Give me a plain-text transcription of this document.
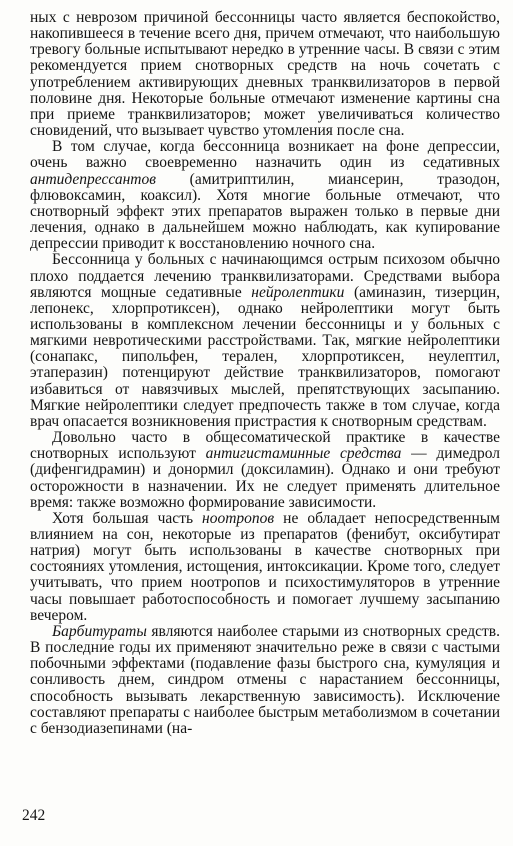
ных с неврозом причиной бессонницы часто является беспокойство, накопившееся в течение всего дня, причем отмечают, что наибольшую тревогу больные испытывают нередко в утренние часы. В связи с этим рекомендуется прием снотворных средств на ночь сочетать с употреблением активирующих дневных транквилизаторов в первой половине дня. Некоторые больные отмечают изменение картины сна при приеме транквилизаторов; может увеличиваться количество сновидений, что вызывает чувство утомления после сна.

В том случае, когда бессонница возникает на фоне депрессии, очень важно своевременно назначить один из седативных антидепрессантов (амитриптилин, миансерин, тразодон, флювоксамин, коаксил). Хотя многие больные отмечают, что снотворный эффект этих препаратов выражен только в первые дни лечения, однако в дальнейшем можно наблюдать, как купирование депрессии приводит к восстановлению ночного сна.

Бессонница у больных с начинающимся острым психозом обычно плохо поддается лечению транквилизаторами. Средствами выбора являются мощные седативные нейролептики (аминазин, тизерцин, лепонекс, хлорпротиксен), однако нейролептики могут быть использованы в комплексном лечении бессонницы и у больных с мягкими невротическими расстройствами. Так, мягкие нейролептики (сонапакс, пипольфен, терален, хлорпротиксен, неулептил, этаперазин) потенцируют действие транквилизаторов, помогают избавиться от навязчивых мыслей, препятствующих засыпанию. Мягкие нейролептики следует предпочесть также в том случае, когда врач опасается возникновения пристрастия к снотворным средствам.

Довольно часто в общесоматической практике в качестве снотворных используют антигистаминные средства — димедрол (дифенгидрамин) и донормил (доксиламин). Однако и они требуют осторожности в назначении. Их не следует применять длительное время: также возможно формирование зависимости.

Хотя большая часть ноотропов не обладает непосредственным влиянием на сон, некоторые из препаратов (фенибут, оксибутират натрия) могут быть использованы в качестве снотворных при состояниях утомления, истощения, интоксикации. Кроме того, следует учитывать, что прием ноотропов и психостимуляторов в утренние часы повышает работоспособность и помогает лучшему засыпанию вечером.

Барбитураты являются наиболее старыми из снотворных средств. В последние годы их применяют значительно реже в связи с частыми побочными эффектами (подавление фазы быстрого сна, кумуляция и сонливость днем, синдром отмены с нарастанием бессонницы, способность вызывать лекарственную зависимость). Исключение составляют препараты с наиболее быстрым метаболизмом в сочетании с бензодиазепинами (на-

242
